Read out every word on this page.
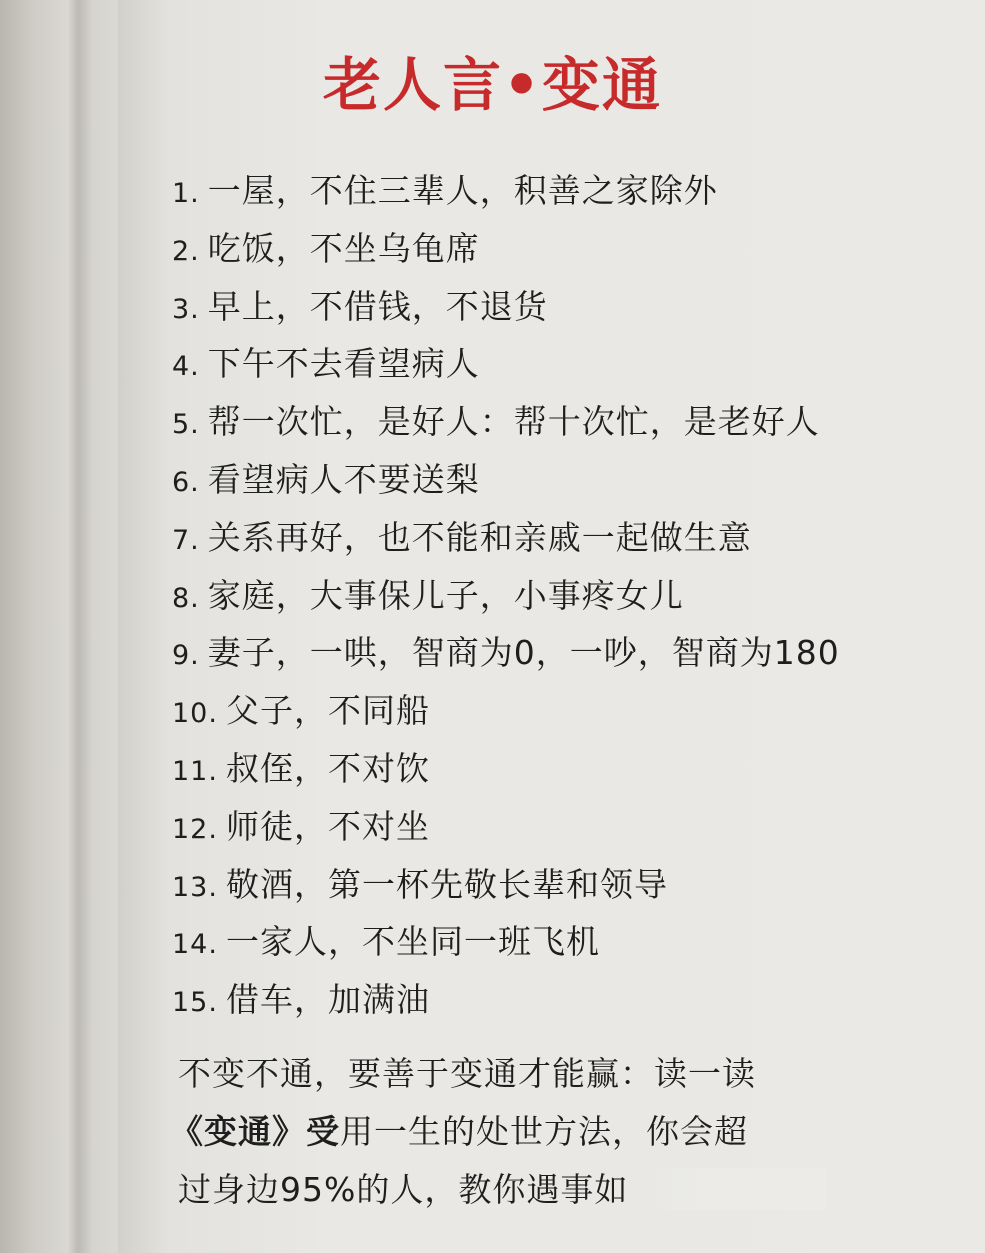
老人言•变通
1. 一屋，不住三辈人，积善之家除外
2. 吃饭，不坐乌龟席
3. 早上，不借钱，不退货
4. 下午不去看望病人
5. 帮一次忙，是好人：帮十次忙，是老好人
6. 看望病人不要送梨
7. 关系再好，也不能和亲戚一起做生意
8. 家庭，大事保儿子，小事疼女儿
9. 妻子，一哄，智商为0，一吵，智商为180
10. 父子，不同船
11. 叔侄，不对饮
12. 师徒，不对坐
13. 敬酒，第一杯先敬长辈和领导
14. 一家人，不坐同一班飞机
15. 借车，加满油
不变不通，要善于变通才能赢：读一读
《变通》受用一生的处世方法，你会超
过身边95%的人，教你遇事如
